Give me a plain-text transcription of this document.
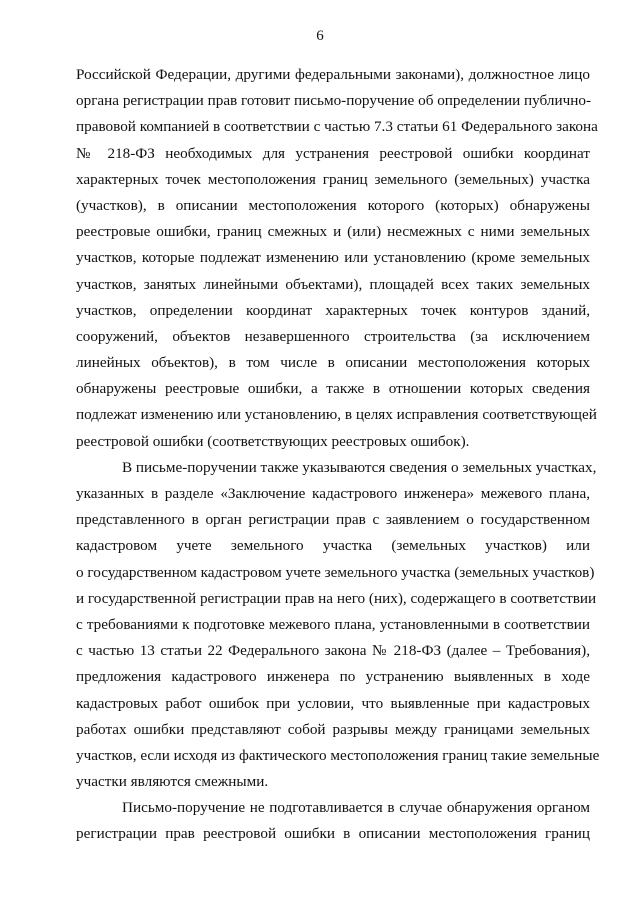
6
Российской Федерации, другими федеральными законами), должностное лицо
органа регистрации прав готовит письмо-поручение об определении публично-
правовой компанией в соответствии с частью 7.3 статьи 61 Федерального закона
№ 218-ФЗ необходимых для устранения реестровой ошибки координат
характерных точек местоположения границ земельного (земельных) участка
(участков), в описании местоположения которого (которых) обнаружены
реестровые ошибки, границ смежных и (или) несмежных с ними земельных
участков, которые подлежат изменению или установлению (кроме земельных
участков, занятых линейными объектами), площадей всех таких земельных
участков, определении координат характерных точек контуров зданий,
сооружений, объектов незавершенного строительства (за исключением
линейных объектов), в том числе в описании местоположения которых
обнаружены реестровые ошибки, а также в отношении которых сведения
подлежат изменению или установлению, в целях исправления соответствующей
реестровой ошибки (соответствующих реестровых ошибок).
В письме-поручении также указываются сведения о земельных участках,
указанных в разделе «Заключение кадастрового инженера» межевого плана,
представленного в орган регистрации прав с заявлением о государственном
кадастровом учете земельного участка (земельных участков) или
о государственном кадастровом учете земельного участка (земельных участков)
и государственной регистрации прав на него (них), содержащего в соответствии
с требованиями к подготовке межевого плана, установленными в соответствии
с частью 13 статьи 22 Федерального закона № 218-ФЗ (далее – Требования),
предложения кадастрового инженера по устранению выявленных в ходе
кадастровых работ ошибок при условии, что выявленные при кадастровых
работах ошибки представляют собой разрывы между границами земельных
участков, если исходя из фактического местоположения границ такие земельные
участки являются смежными.
Письмо-поручение не подготавливается в случае обнаружения органом
регистрации прав реестровой ошибки в описании местоположения границ
